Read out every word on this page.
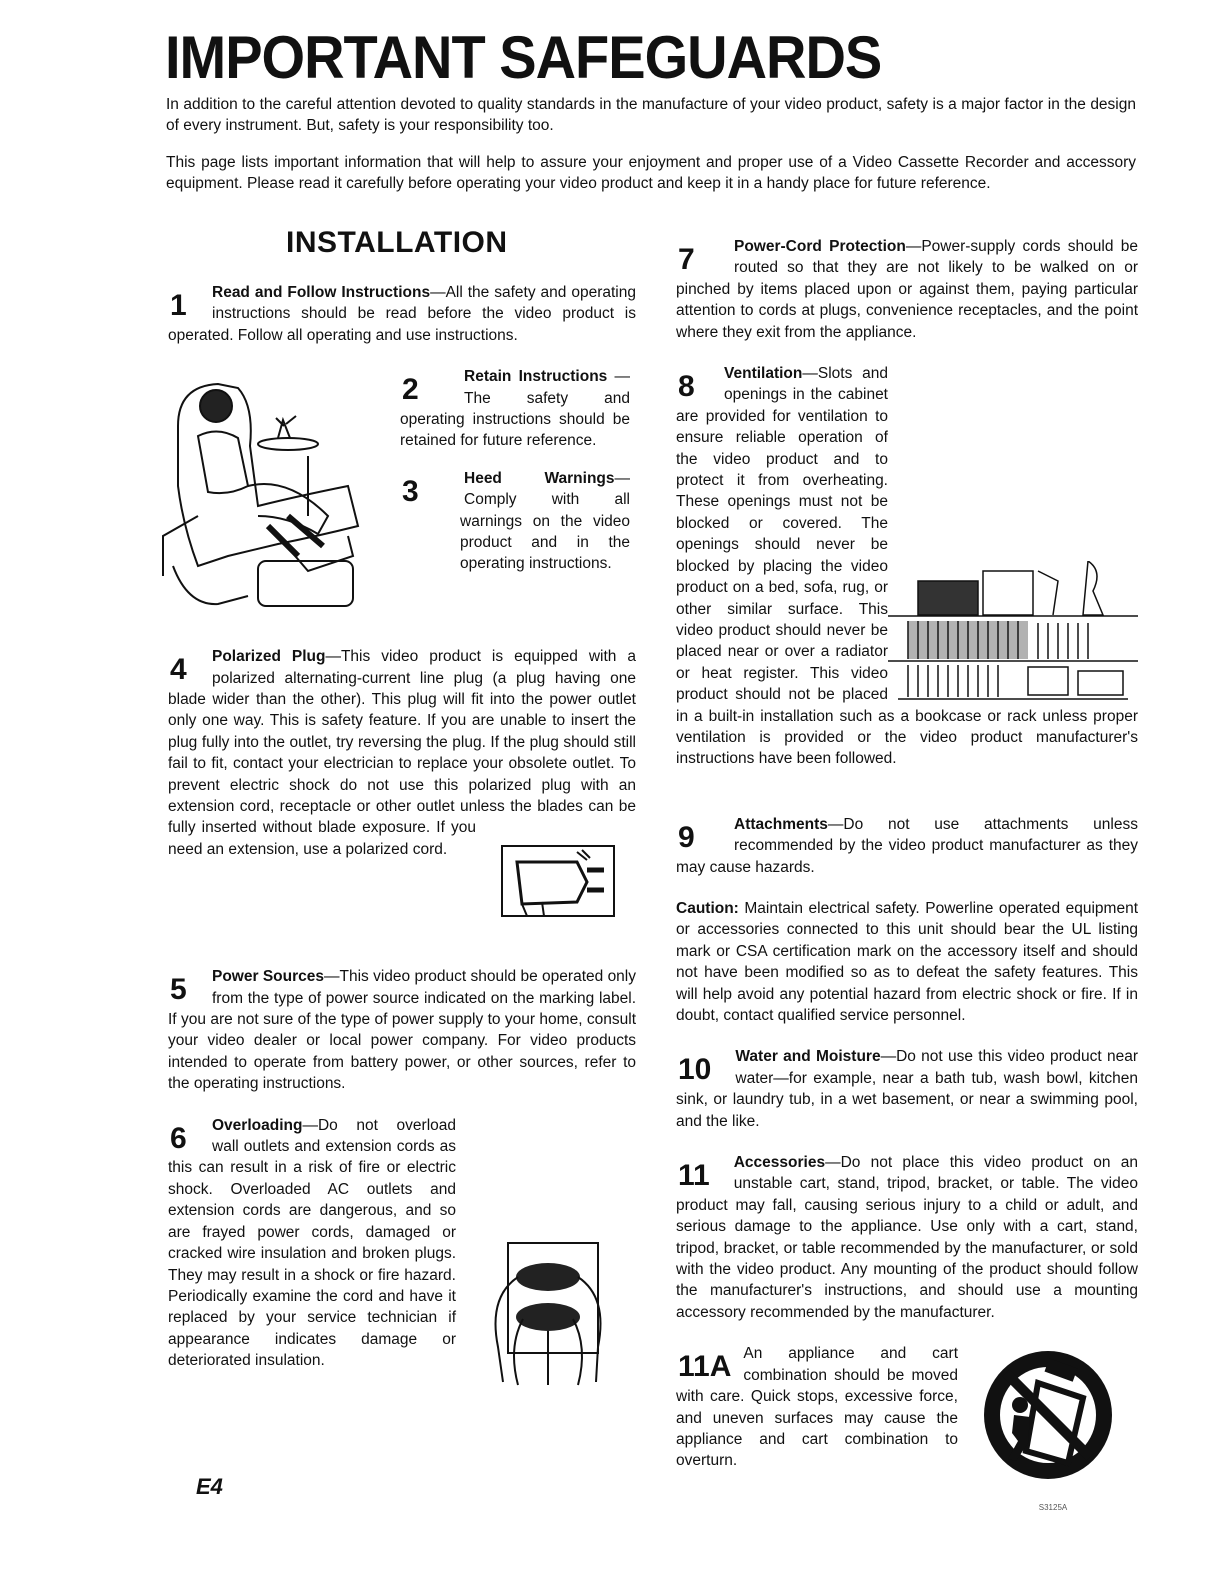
IMPORTANT SAFEGUARDS

In addition to the careful attention devoted to quality standards in the manufacture of your video product, safety is a major factor in the design of every instrument. But, safety is your responsibility too.

This page lists important information that will help to assure your enjoyment and proper use of a Video Cassette Recorder and accessory equipment. Please read it carefully before operating your video product and keep it in a handy place for future reference.

INSTALLATION
1	Read and Follow Instructions—All the safety and operating instructions should be read before the video product is operated. Follow all operating and use instructions.
2	Retain Instructions —The safety and operating instructions should be retained for future reference.
3	Heed Warnings—Comply with all warnings on the video product and in the operating instructions.
4	Polarized Plug—This video product is equipped with a polarized alternating-current line plug (a plug having one blade wider than the other). This plug will fit into the power outlet only one way. This is safety feature. If you are unable to insert the plug fully into the outlet, try reversing the plug. If the plug should still fail to fit, contact your electrician to replace your obsolete outlet. To prevent electric shock do not use this polarized plug with an extension cord, receptacle or other outlet unless the blades can be fully inserted without blade exposure. If you need an extension, use a polarized cord.
5	Power Sources—This video product should be operated only from the type of power source indicated on the marking label. If you are not sure of the type of power supply to your home, consult your video dealer or local power company. For video products intended to operate from battery power, or other sources, refer to the operating instructions.
6	Overloading—Do not overload wall outlets and extension cords as this can result in a risk of fire or electric shock. Overloaded AC outlets and extension cords are dangerous, and so are frayed power cords, damaged or cracked wire insulation and broken plugs. They may result in a shock or fire hazard. Periodically examine the cord and have it replaced by your service technician if appearance indicates damage or deteriorated insulation.
7	Power-Cord Protection—Power-supply cords should be routed so that they are not likely to be walked on or pinched by items placed upon or against them, paying particular attention to cords at plugs, convenience receptacles, and the point where they exit from the appliance.
8	Ventilation—Slots and openings in the cabinet are provided for ventilation to ensure reliable operation of the video product and to protect it from overheating. These openings must not be blocked or covered. The openings should never be blocked by placing the video product on a bed, sofa, rug, or other similar surface. This video product should never be placed near or over a radiator or heat register. This video product should not be placed in a built-in installation such as a bookcase or rack unless proper ventilation is provided or the video product manufacturer's instructions have been followed.
9	Attachments—Do not use attachments unless recommended by the video product manufacturer as they may cause hazards.

Caution: Maintain electrical safety. Powerline operated equipment or accessories connected to this unit should bear the UL listing mark or CSA certification mark on the accessory itself and should not have been modified so as to defeat the safety features. This will help avoid any potential hazard from electric shock or fire. If in doubt, contact qualified service personnel.

10 Water and Moisture—Do not use this video product near water—for example, near a bath tub, wash bowl, kitchen sink, or laundry tub, in a wet basement, or near a swimming pool, and the like.
11 Accessories—Do not place this video product on an unstable cart, stand, tripod, bracket, or table. The video product may fall, causing serious injury to a child or adult, and serious damage to the appliance. Use only with a cart, stand, tripod, bracket, or table recommended by the manufacturer, or sold with the video product. Any mounting of the product should follow the manufacturer's instructions, and should use a mounting accessory recommended by the manufacturer.
S3125A
11A An appliance and cart combination should be moved with care. Quick stops, excessive force, and uneven surfaces may cause the appliance and cart combination to overturn.
E4
